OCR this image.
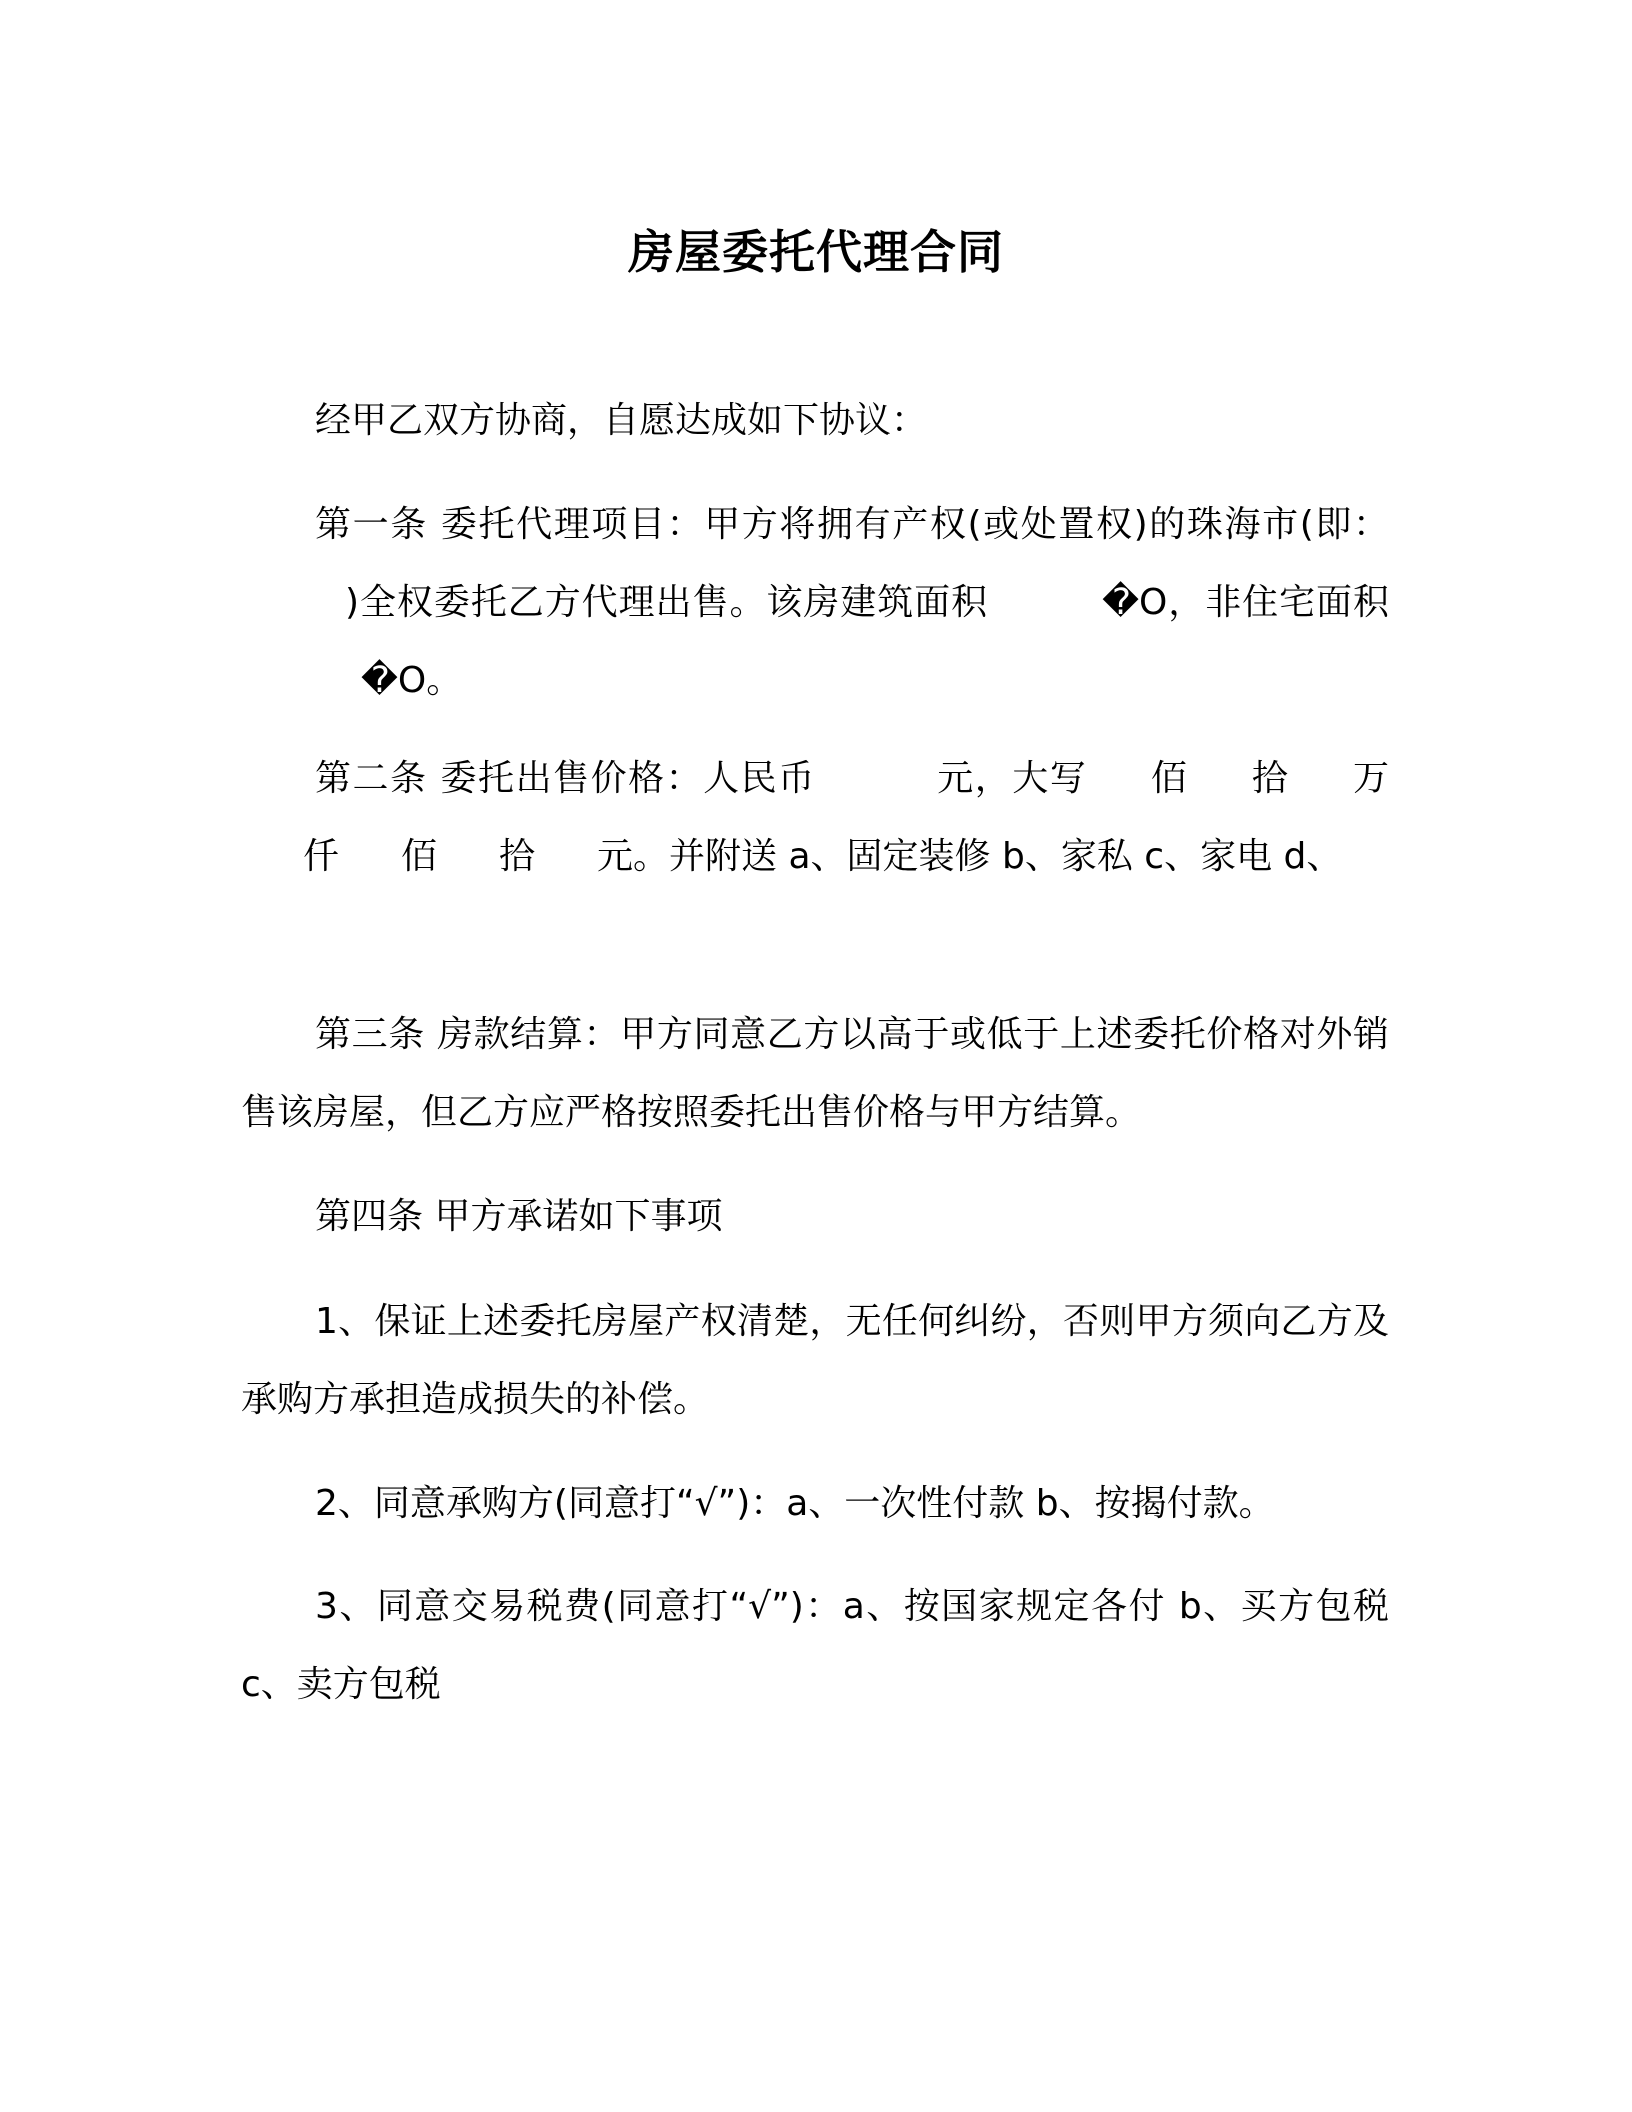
房屋委托代理合同
经甲乙双方协商，自愿达成如下协议：
第一条 委托代理项目：甲方将拥有产权(或处置权)的珠海市(即：)全权委托乙方代理出售。该房建筑面积	�O，非住宅面积�O。
第二条 委托出售价格：人民币	元，大写 佰 拾 万仟 佰 拾 元。并附送 a、固定装修 b、家私 c、家电 d、
第三条 房款结算：甲方同意乙方以高于或低于上述委托价格对外销售该房屋，但乙方应严格按照委托出售价格与甲方结算。
第四条 甲方承诺如下事项
1、保证上述委托房屋产权清楚，无任何纠纷，否则甲方须向乙方及承购方承担造成损失的补偿。
2、同意承购方(同意打“√”)：a、一次性付款 b、按揭付款。
3、同意交易税费(同意打“√”)：a、按国家规定各付 b、买方包税 c、卖方包税
